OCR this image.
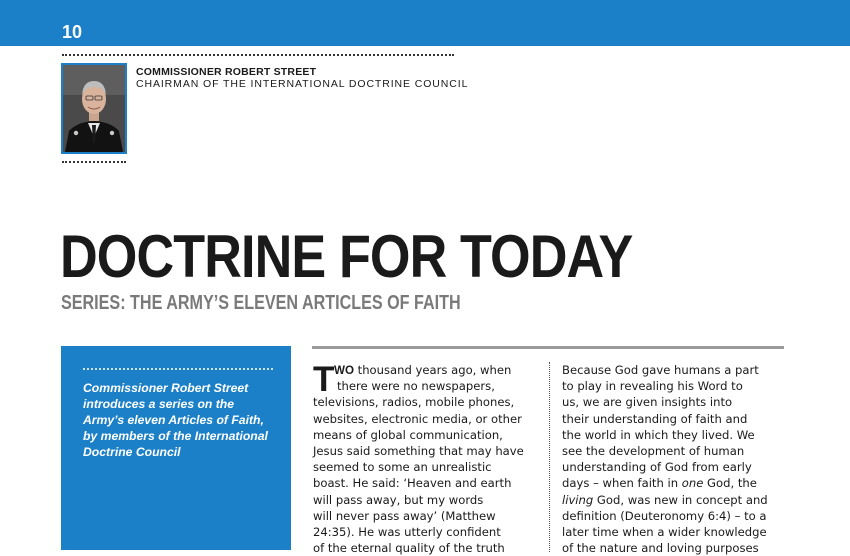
10
COMMISSIONER ROBERT STREET
CHAIRMAN OF THE INTERNATIONAL DOCTRINE COUNCIL
DOCTRINE FOR TODAY
SERIES: THE ARMY’S ELEVEN ARTICLES OF FAITH
Commissioner Robert Street introduces a series on the Army’s eleven Articles of Faith, by members of the International Doctrine Council
T WO thousand years ago, when
there were no newspapers,
televisions, radios, mobile phones,
websites, electronic media, or other
means of global communication,
Jesus said something that may have
seemed to some an unrealistic
boast. He said: ‘Heaven and earth
will pass away, but my words
will never pass away’ (Matthew
24:35). He was utterly confident
of the eternal quality of the truth
Because God gave humans a part
to play in revealing his Word to
us, we are given insights into
their understanding of faith and
the world in which they lived. We
see the development of human
understanding of God from early
days – when faith in one God, the
living God, was new in concept and
definition (Deuteronomy 6:4) – to a
later time when a wider knowledge
of the nature and loving purposes
